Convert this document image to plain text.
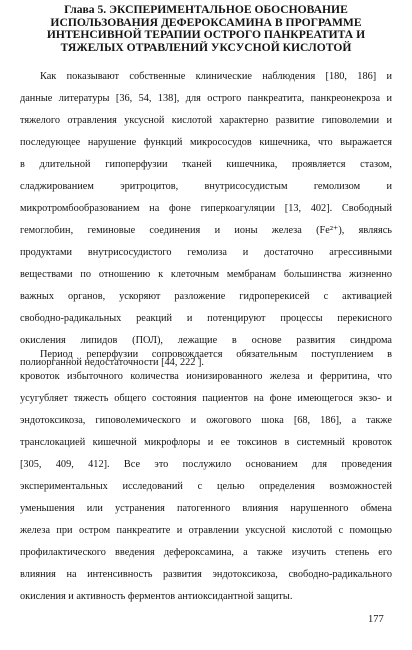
Глава 5. ЭКСПЕРИМЕНТАЛЬНОЕ ОБОСНОВАНИЕ
ИСПОЛЬЗОВАНИЯ ДЕФЕРОКСАМИНА В ПРОГРАММЕ
ИНТЕНСИВНОЙ ТЕРАПИИ ОСТРОГО ПАНКРЕАТИТА И
ТЯЖЕЛЫХ ОТРАВЛЕНИЙ УКСУСНОЙ КИСЛОТОЙ
Как показывают собственные клинические наблюдения [180, 186] и
данные литературы [36, 54, 138], для острого панкреатита, панкреонекроза и
тяжелого отравления уксусной кислотой характерно развитие гиповолемии и
последующее нарушение функций микрососудов кишечника, что выражается
в длительной гипоперфузии тканей кишечника, проявляется стазом,
сладжированием эритроцитов, внутрисосудистым гемолизом и
микротромбообразованием на фоне гиперкоагуляции [13, 402]. Свободный
гемоглобин, геминовые соединения и ионы железа (Fe²⁺), являясь
продуктами внутрисосудистого гемолиза и достаточно агрессивными
веществами по отношению к клеточным мембранам большинства жизненно
важных органов, ускоряют разложение гидроперекисей с активацией
свободно-радикальных реакций и потенцируют процессы перекисного
окисления липидов (ПОЛ), лежащие в основе развития синдрома
полиорганной недостаточности [44, 222 ].
Период реперфузии сопровождается обязательным поступлением в
кровоток избыточного количества ионизированного железа и ферритина, что
усугубляет тяжесть общего состояния пациентов на фоне имеющегося экзо- и
эндотоксикоза, гиповолемического и ожогового шока [68, 186], а также
транслокацией кишечной микрофлоры и ее токсинов в системный кровоток
[305, 409, 412]. Все это послужило основанием для проведения
экспериментальных исследований с целью определения возможностей
уменьшения или устранения патогенного влияния нарушенного обмена
железа при остром панкреатите и отравлении уксусной кислотой с помощью
профилактического введения дефероксамина, а также изучить степень его
влияния на интенсивность развития эндотоксикоза, свободно-радикального
окисления и активность ферментов антиоксидантной защиты.
177
